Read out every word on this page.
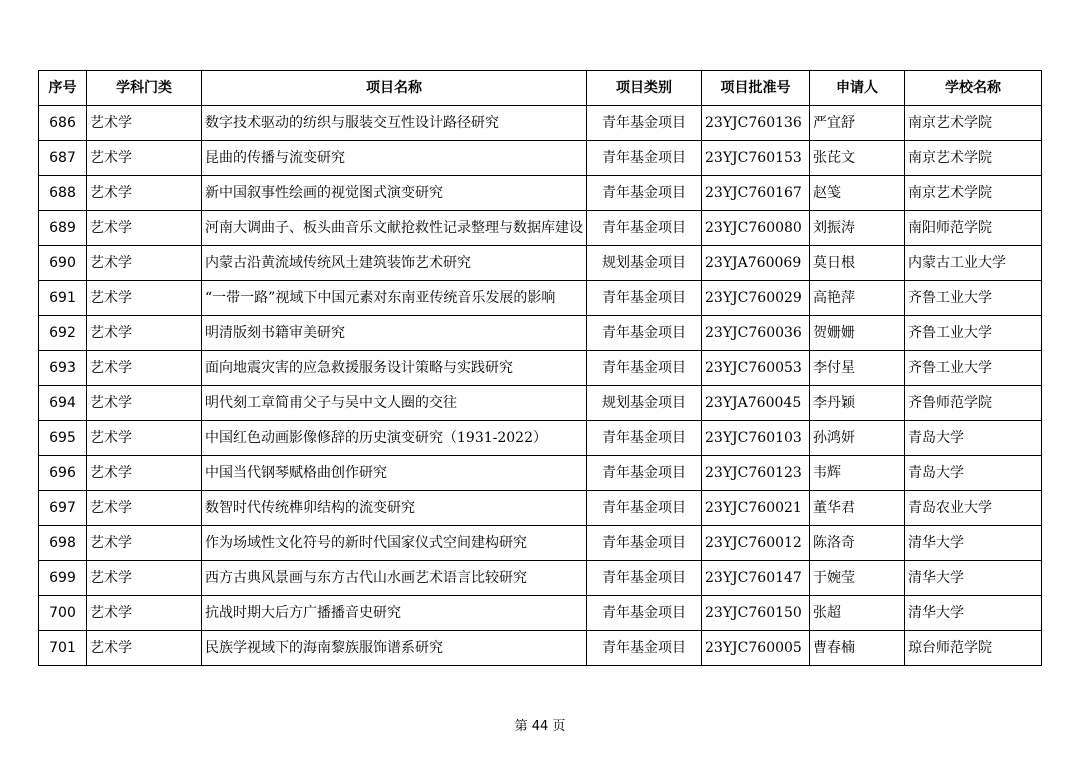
序号	学科门类	项目名称	项目类别	项目批准号	申请人	学校名称
686	艺术学	数字技术驱动的纺织与服装交互性设计路径研究	青年基金项目	23YJC760136	严宜舒	南京艺术学院
687	艺术学	昆曲的传播与流变研究	青年基金项目	23YJC760153	张芘文	南京艺术学院
688	艺术学	新中国叙事性绘画的视觉图式演变研究	青年基金项目	23YJC760167	赵笺	南京艺术学院
689	艺术学	河南大调曲子、板头曲音乐文献抢救性记录整理与数据库建设	青年基金项目	23YJC760080	刘振涛	南阳师范学院
690	艺术学	内蒙古沿黄流域传统风土建筑装饰艺术研究	规划基金项目	23YJA760069	莫日根	内蒙古工业大学
691	艺术学	“一带一路”视域下中国元素对东南亚传统音乐发展的影响	青年基金项目	23YJC760029	高艳萍	齐鲁工业大学
692	艺术学	明清版刻书籍审美研究	青年基金项目	23YJC760036	贺姗姗	齐鲁工业大学
693	艺术学	面向地震灾害的应急救援服务设计策略与实践研究	青年基金项目	23YJC760053	李付星	齐鲁工业大学
694	艺术学	明代刻工章简甫父子与吴中文人圈的交往	规划基金项目	23YJA760045	李丹颖	齐鲁师范学院
695	艺术学	中国红色动画影像修辞的历史演变研究（1931-2022）	青年基金项目	23YJC760103	孙鸿妍	青岛大学
696	艺术学	中国当代钢琴赋格曲创作研究	青年基金项目	23YJC760123	韦辉	青岛大学
697	艺术学	数智时代传统榫卯结构的流变研究	青年基金项目	23YJC760021	董华君	青岛农业大学
698	艺术学	作为场域性文化符号的新时代国家仪式空间建构研究	青年基金项目	23YJC760012	陈洛奇	清华大学
699	艺术学	西方古典风景画与东方古代山水画艺术语言比较研究	青年基金项目	23YJC760147	于婉莹	清华大学
700	艺术学	抗战时期大后方广播播音史研究	青年基金项目	23YJC760150	张超	清华大学
701	艺术学	民族学视域下的海南黎族服饰谱系研究	青年基金项目	23YJC760005	曹春楠	琼台师范学院
第 44 页
